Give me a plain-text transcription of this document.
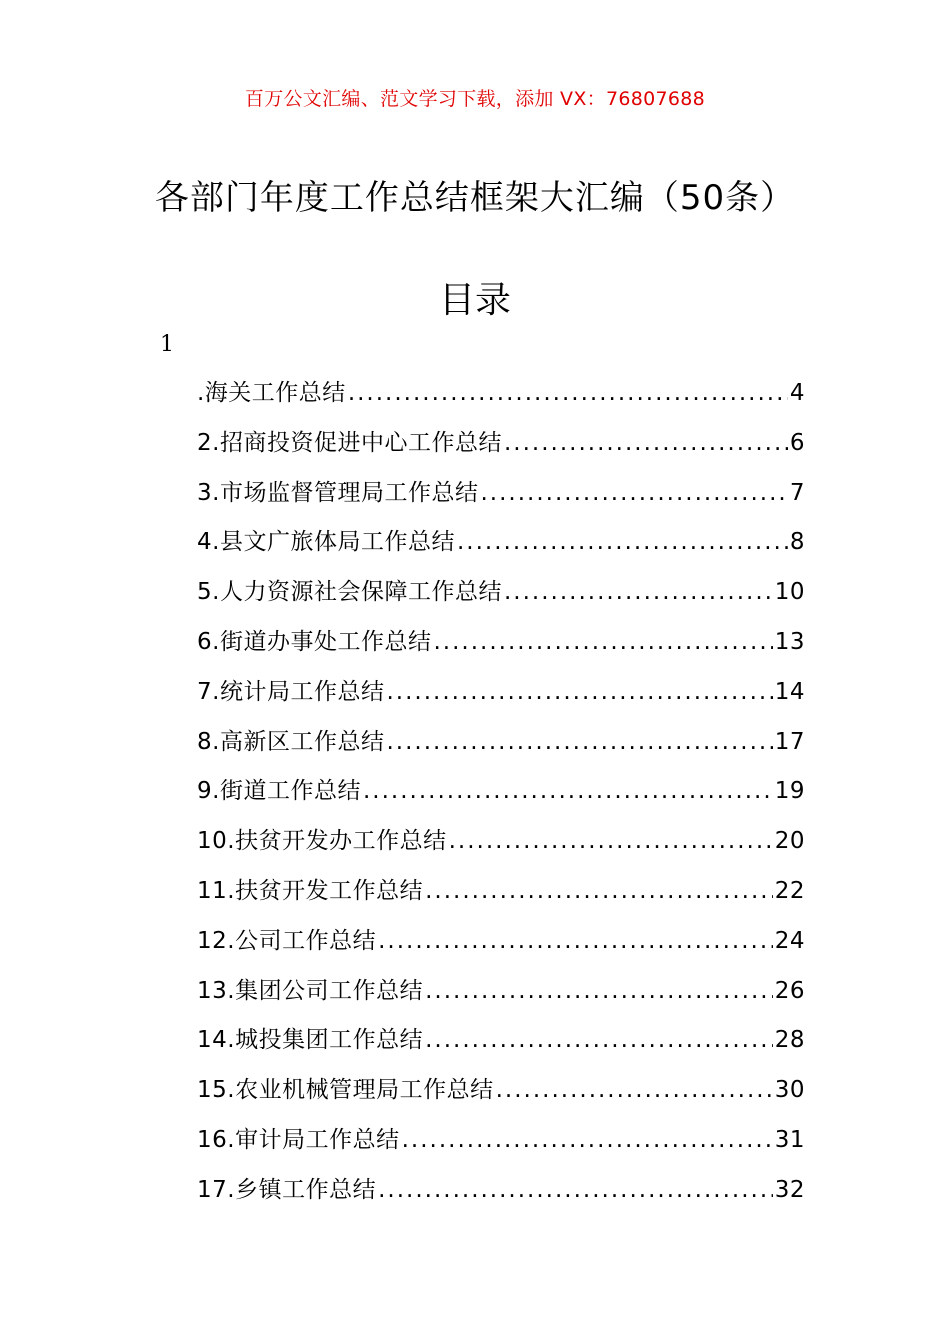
百万公文汇编、范文学习下载，添加 VX：76807688
各部门年度工作总结框架大汇编（50条）
目录
1
.海关工作总结 .....	4
2.招商投资促进中心工作总结 .....	6
3.市场监督管理局工作总结 .....	7
4.县文广旅体局工作总结 .....	8
5.人力资源社会保障工作总结 .....	10
6.街道办事处工作总结 .....	13
7.统计局工作总结 .....	14
8.高新区工作总结 .....	17
9.街道工作总结 .....	19
10.扶贫开发办工作总结 .....	20
11.扶贫开发工作总结 .....	22
12.公司工作总结 .....	24
13.集团公司工作总结 .....	26
14.城投集团工作总结 .....	28
15.农业机械管理局工作总结 .....	30
16.审计局工作总结 .....	31
17.乡镇工作总结 .....	32
